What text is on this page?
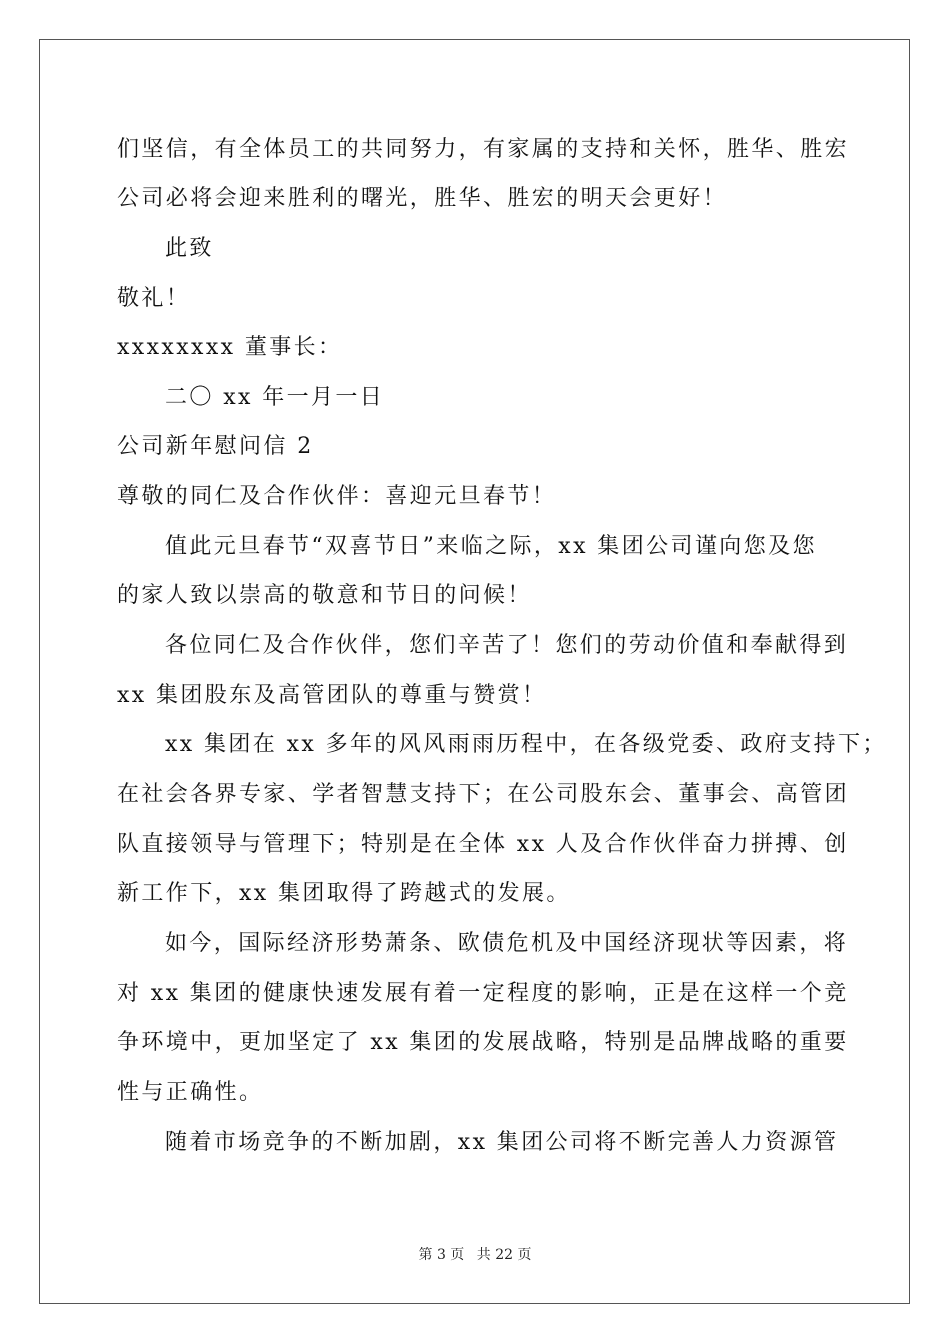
们坚信，有全体员工的共同努力，有家属的支持和关怀，胜华、胜宏
公司必将会迎来胜利的曙光，胜华、胜宏的明天会更好！
此致
敬礼！
xxxxxxxx 董事长：
二〇 xx 年一月一日
公司新年慰问信 2
尊敬的同仁及合作伙伴：喜迎元旦春节！
值此元旦春节“双喜节日”来临之际，xx 集团公司谨向您及您
的家人致以崇高的敬意和节日的问候！
各位同仁及合作伙伴，您们辛苦了！您们的劳动价值和奉献得到
xx 集团股东及高管团队的尊重与赞赏！
xx 集团在 xx 多年的风风雨雨历程中，在各级党委、政府支持下；
在社会各界专家、学者智慧支持下；在公司股东会、董事会、高管团
队直接领导与管理下；特别是在全体 xx 人及合作伙伴奋力拼搏、创
新工作下，xx 集团取得了跨越式的发展。
如今，国际经济形势萧条、欧债危机及中国经济现状等因素，将
对 xx 集团的健康快速发展有着一定程度的影响，正是在这样一个竞
争环境中，更加坚定了 xx 集团的发展战略，特别是品牌战略的重要
性与正确性。
随着市场竞争的不断加剧，xx 集团公司将不断完善人力资源管
第 3 页 共 22 页
